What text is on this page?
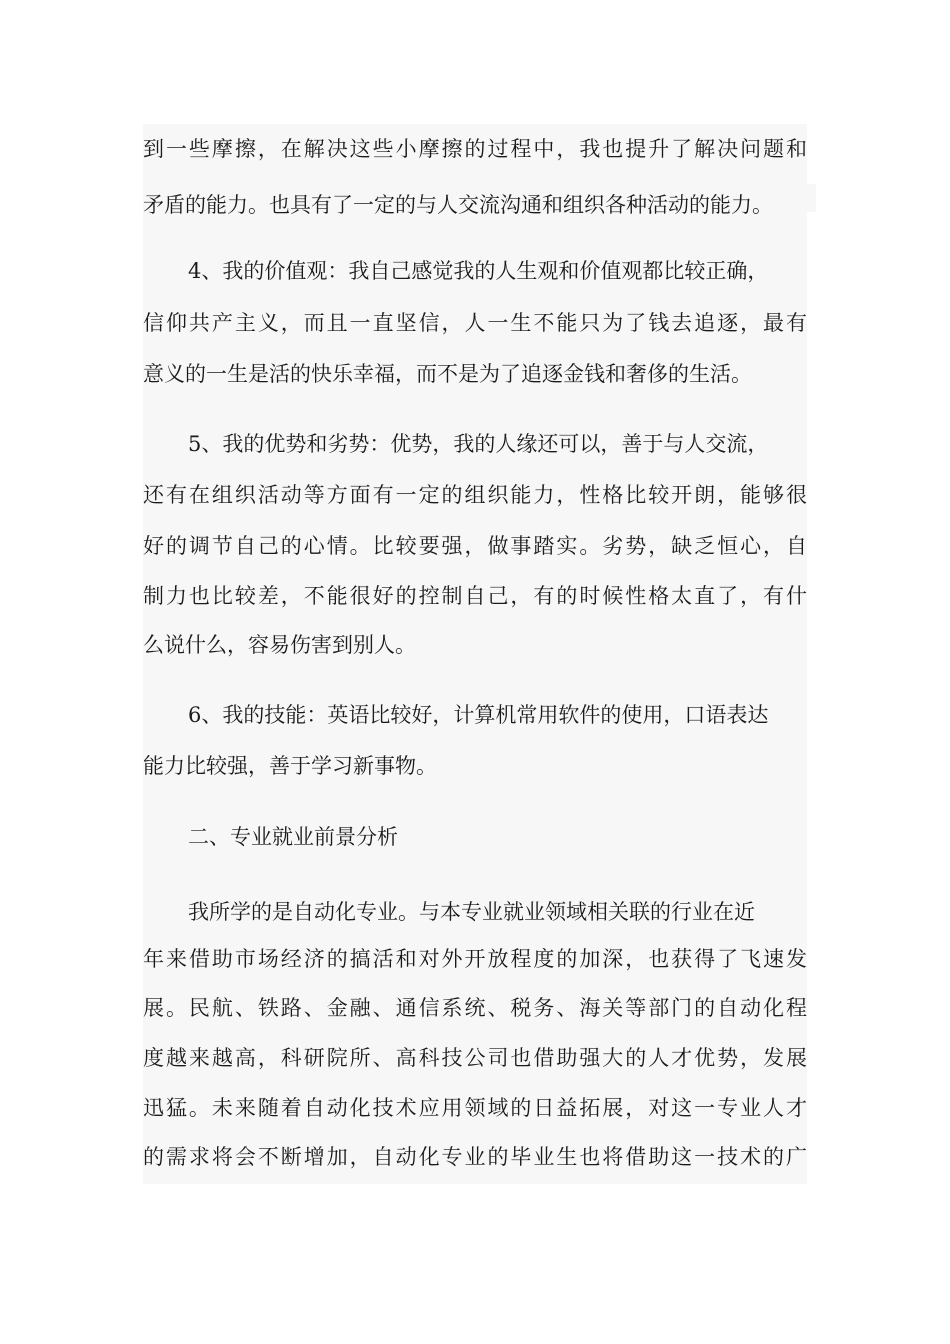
到一些摩擦，在解决这些小摩擦的过程中，我也提升了解决问题和
矛盾的能力。也具有了一定的与人交流沟通和组织各种活动的能力。
4、我的价值观：我自己感觉我的人生观和价值观都比较正确，
信仰共产主义，而且一直坚信，人一生不能只为了钱去追逐，最有
意义的一生是活的快乐幸福，而不是为了追逐金钱和奢侈的生活。
5、我的优势和劣势：优势，我的人缘还可以，善于与人交流，
还有在组织活动等方面有一定的组织能力，性格比较开朗，能够很
好的调节自己的心情。比较要强，做事踏实。劣势，缺乏恒心，自
制力也比较差，不能很好的控制自己，有的时候性格太直了，有什
么说什么，容易伤害到别人。
6、我的技能：英语比较好，计算机常用软件的使用，口语表达
能力比较强，善于学习新事物。
二、专业就业前景分析
我所学的是自动化专业。与本专业就业领域相关联的行业在近
年来借助市场经济的搞活和对外开放程度的加深，也获得了飞速发
展。民航、铁路、金融、通信系统、税务、海关等部门的自动化程
度越来越高，科研院所、高科技公司也借助强大的人才优势，发展
迅猛。未来随着自动化技术应用领域的日益拓展，对这一专业人才
的需求将会不断增加，自动化专业的毕业生也将借助这一技术的广
